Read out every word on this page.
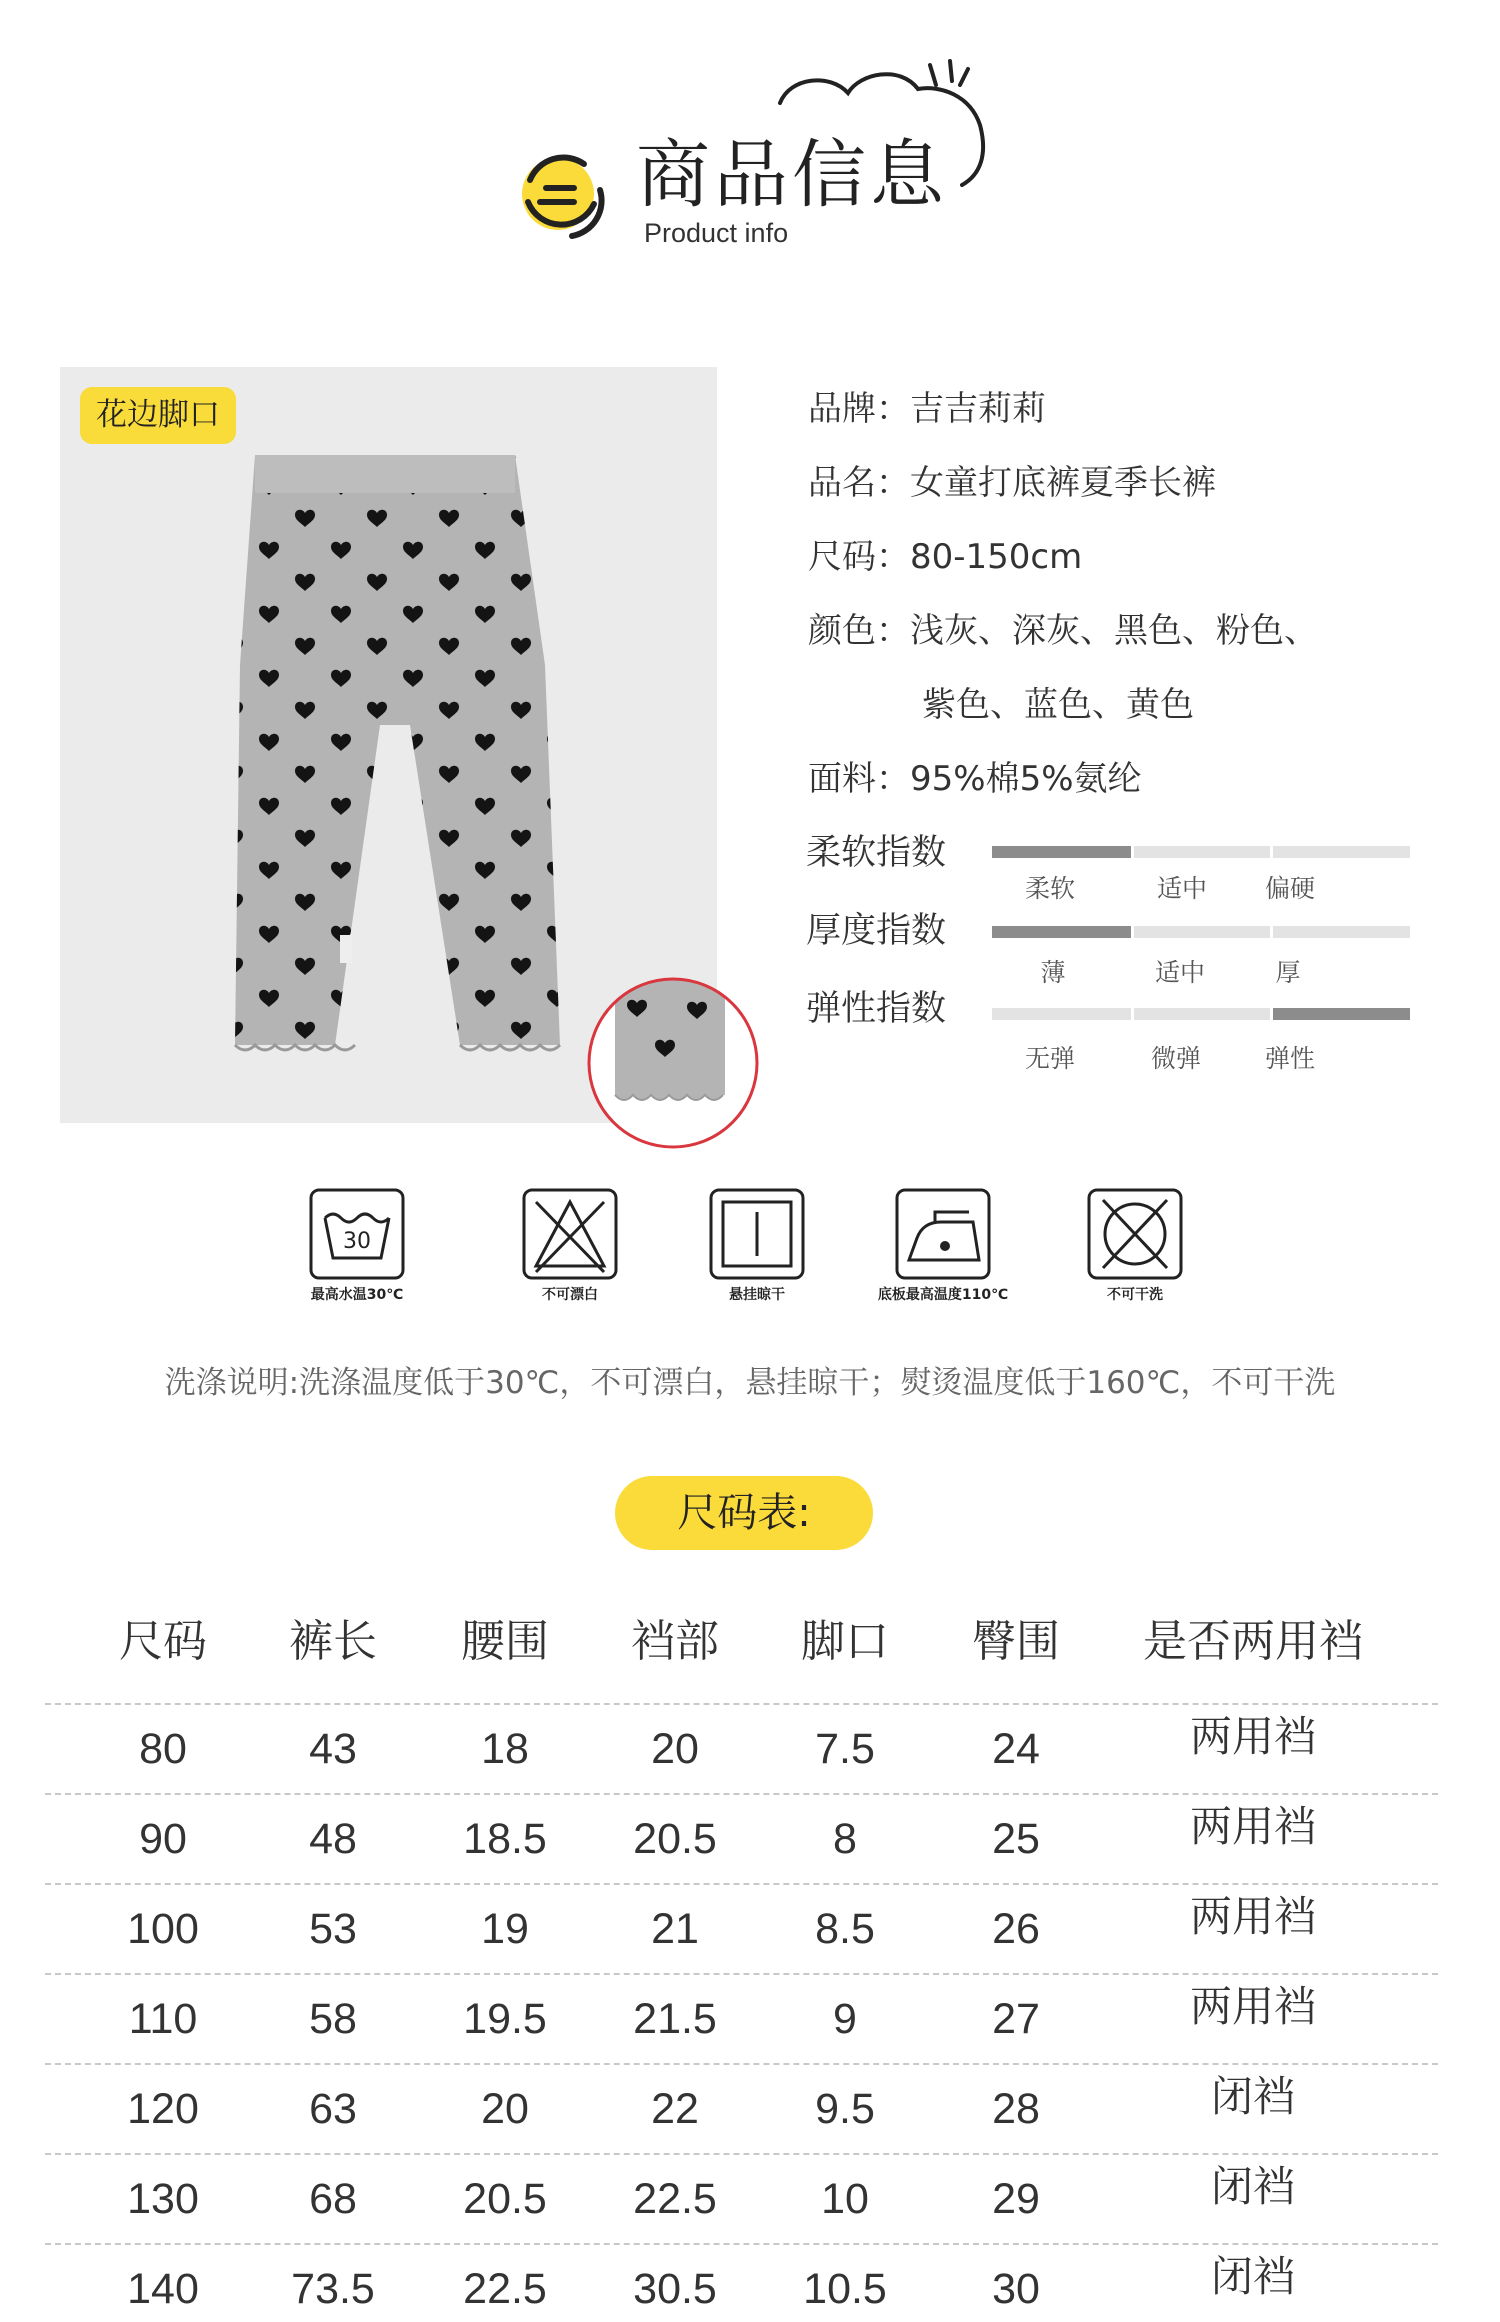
商品信息
Product info
花边脚口	品牌：吉吉莉莉
品名：女童打底裤夏季长裤
尺码：80-150cm
颜色：浅灰、深灰、黑色、粉色、
紫色、蓝色、黄色
面料：95%棉5%氨纶
柔软指数
柔软	适中 偏硬
厚度指数
薄	适中	厚
弹性指数
无弹	微弹	弹性
30
最高水温30℃	不可漂白	悬挂晾干	底板最高温度110℃	不可干洗
洗涤说明:洗涤温度低于30℃，不可漂白，悬挂晾干；熨烫温度低于160℃，不可干洗
尺码表:
尺码 裤长 腰围 裆部 脚口 臀围 是否两用裆
80	43	18	20	7.5	24	两用裆
90	48 18.5 20.5	8	25	两用裆
100	53	19	21	8.5	26	两用裆
110	58 19.5 21.5	9	27	两用裆
120	63	20	22	9.5	28	闭裆
130	68 20.5 22.5 10	29	闭裆
140 73.5 22.5 30.5 10.5 30	闭裆
